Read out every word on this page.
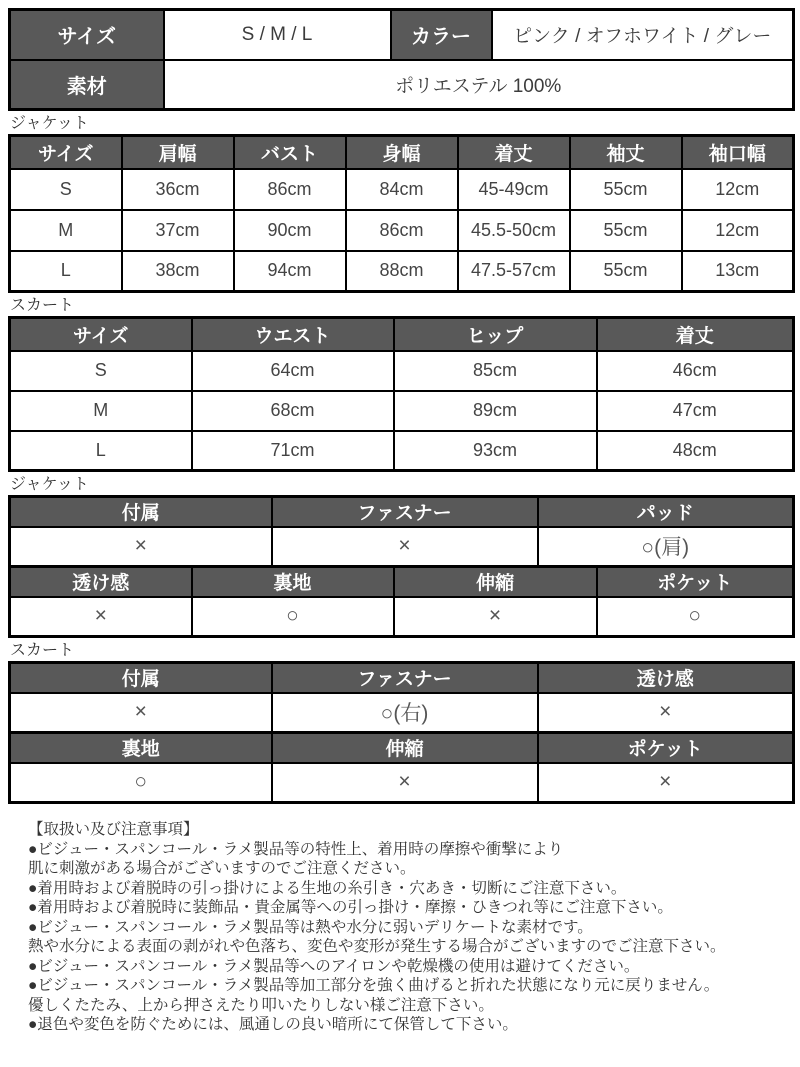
サイズ	S / M / L	カラー	ピンク / オフホワイト / グレー
素材	ポリエステル 100%		
ジャケット
サイズ	肩幅	バスト	身幅	着丈	袖丈	袖口幅
S	36cm	86cm	84cm	45-49cm	55cm	12cm
M	37cm	90cm	86cm	45.5-50cm	55cm	12cm
L	38cm	94cm	88cm	47.5-57cm	55cm	13cm
スカート
サイズ	ウエスト	ヒップ	着丈
S	64cm	85cm	46cm
M	68cm	89cm	47cm
L	71cm	93cm	48cm
ジャケット
付属	ファスナー	パッド
×	×	○(肩)
透け感	裏地	伸縮	ポケット
×	○	×	○
スカート
付属	ファスナー	透け感
×	○(右)	×
裏地	伸縮	ポケット
○	×	×
【取扱い及び注意事項】
●ビジュー・スパンコール・ラメ製品等の特性上、着用時の摩擦や衝撃により
肌に刺激がある場合がございますのでご注意ください。
●着用時および着脱時の引っ掛けによる生地の糸引き・穴あき・切断にご注意下さい。
●着用時および着脱時に装飾品・貴金属等への引っ掛け・摩擦・ひきつれ等にご注意下さい。
●ビジュー・スパンコール・ラメ製品等は熱や水分に弱いデリケートな素材です。
熱や水分による表面の剥がれや色落ち、変色や変形が発生する場合がございますのでご注意下さい。
●ビジュー・スパンコール・ラメ製品等へのアイロンや乾燥機の使用は避けてください。
●ビジュー・スパンコール・ラメ製品等加工部分を強く曲げると折れた状態になり元に戻りません。
優しくたたみ、上から押さえたり叩いたりしない様ご注意下さい。
●退色や変色を防ぐためには、風通しの良い暗所にて保管して下さい。
